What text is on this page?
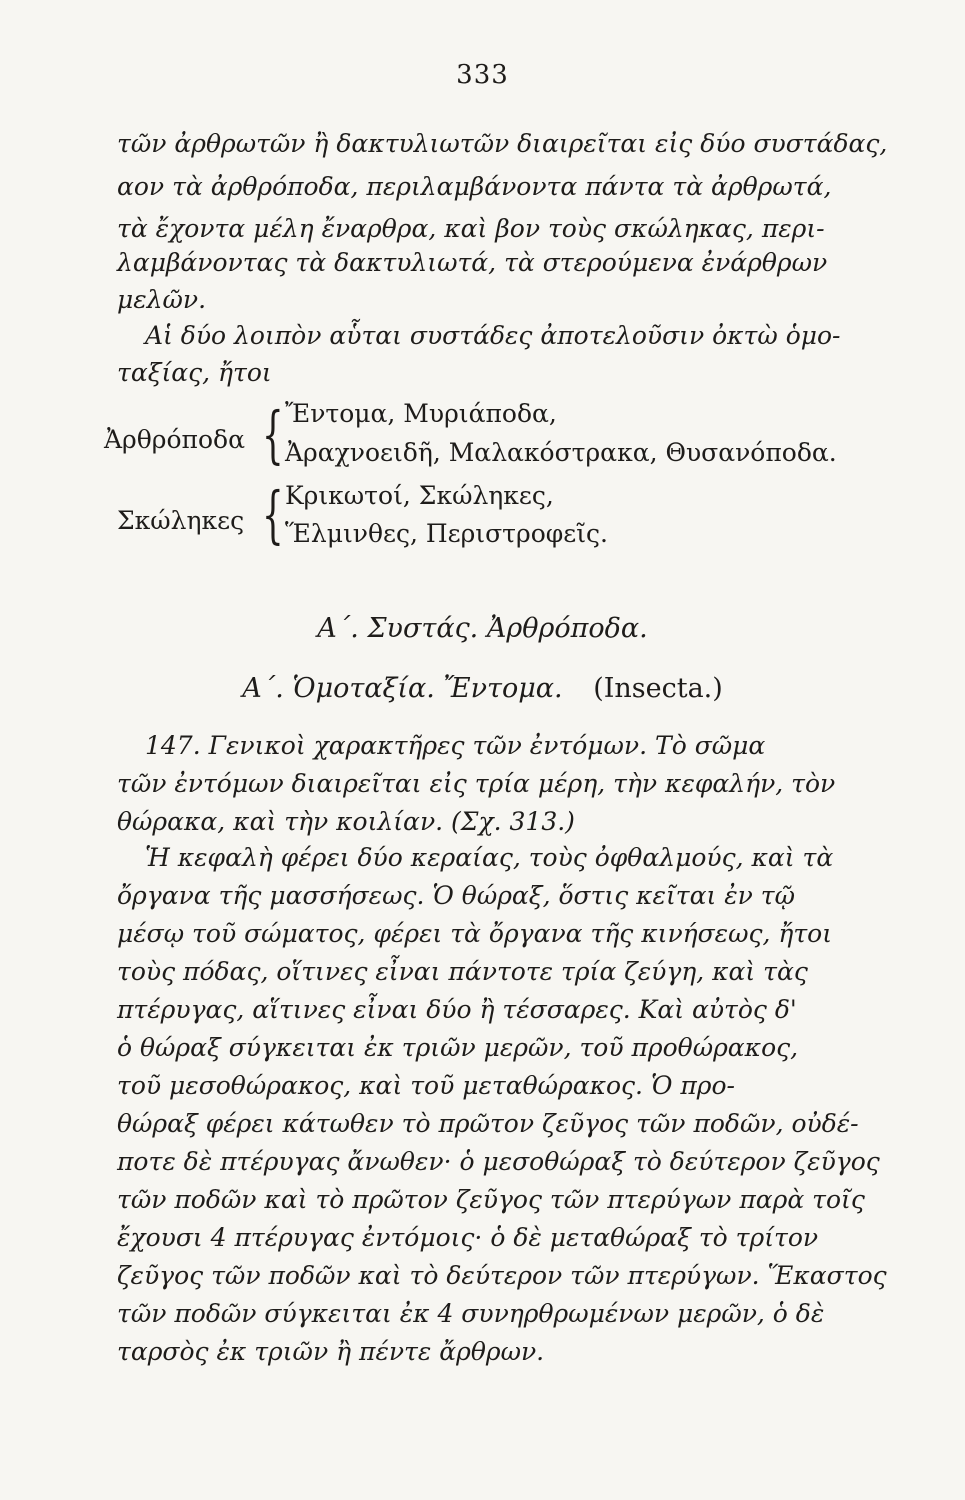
333
τῶν ἀρθρωτῶν ἢ δακτυλιωτῶν διαιρεῖται εἰς δύο συστάδας,
αον τὰ ἀρθρόποδα, περιλαμβάνοντα πάντα τὰ ἀρθρωτά,
τὰ ἔχοντα μέλη ἔναρθρα, καὶ βον τοὺς σκώληκας, περι-
λαμβάνοντας τὰ δακτυλιωτά, τὰ στερούμενα ἐνάρθρων
μελῶν.
Αἱ δύο λοιπὸν αὗται συστάδες ἀποτελοῦσιν ὀκτὼ ὁμο-
ταξίας, ἤτοι
Ἀρθρόποδα { Ἔντομα, Μυριάποδα,
Ἀραχνοειδῆ, Μαλακόστρακα, Θυσανόποδα.
Σκώληκες { Κρικωτοί, Σκώληκες,
Ἕλμινθες, Περιστροφεῖς.
Α΄. Συστάς. Ἀρθρόποδα.
Α΄. Ὁμοταξία. Ἔντομα. (Insecta.)
147. Γενικοὶ χαρακτῆρες τῶν ἐντόμων. Τὸ σῶμα
τῶν ἐντόμων διαιρεῖται εἰς τρία μέρη, τὴν κεφαλήν, τὸν
θώρακα, καὶ τὴν κοιλίαν. (Σχ. 313.)
Ἡ κεφαλὴ φέρει δύο κεραίας, τοὺς ὀφθαλμούς, καὶ τὰ
ὄργανα τῆς μασσήσεως. Ὁ θώραξ, ὅστις κεῖται ἐν τῷ
μέσῳ τοῦ σώματος, φέρει τὰ ὄργανα τῆς κινήσεως, ἤτοι
τοὺς πόδας, οἵτινες εἶναι πάντοτε τρία ζεύγη, καὶ τὰς
πτέρυγας, αἵτινες εἶναι δύο ἢ τέσσαρες. Καὶ αὐτὸς δ'
ὁ θώραξ σύγκειται ἐκ τριῶν μερῶν, τοῦ προθώρακος,
τοῦ μεσοθώρακος, καὶ τοῦ μεταθώρακος. Ὁ προ-
θώραξ φέρει κάτωθεν τὸ πρῶτον ζεῦγος τῶν ποδῶν, οὐδέ-
ποτε δὲ πτέρυγας ἄνωθεν· ὁ μεσοθώραξ τὸ δεύτερον ζεῦγος
τῶν ποδῶν καὶ τὸ πρῶτον ζεῦγος τῶν πτερύγων παρὰ τοῖς
ἔχουσι 4 πτέρυγας ἐντόμοις· ὁ δὲ μεταθώραξ τὸ τρίτον
ζεῦγος τῶν ποδῶν καὶ τὸ δεύτερον τῶν πτερύγων. Ἕκαστος
τῶν ποδῶν σύγκειται ἐκ 4 συνηρθρωμένων μερῶν, ὁ δὲ
ταρσὸς ἐκ τριῶν ἢ πέντε ἄρθρων.
